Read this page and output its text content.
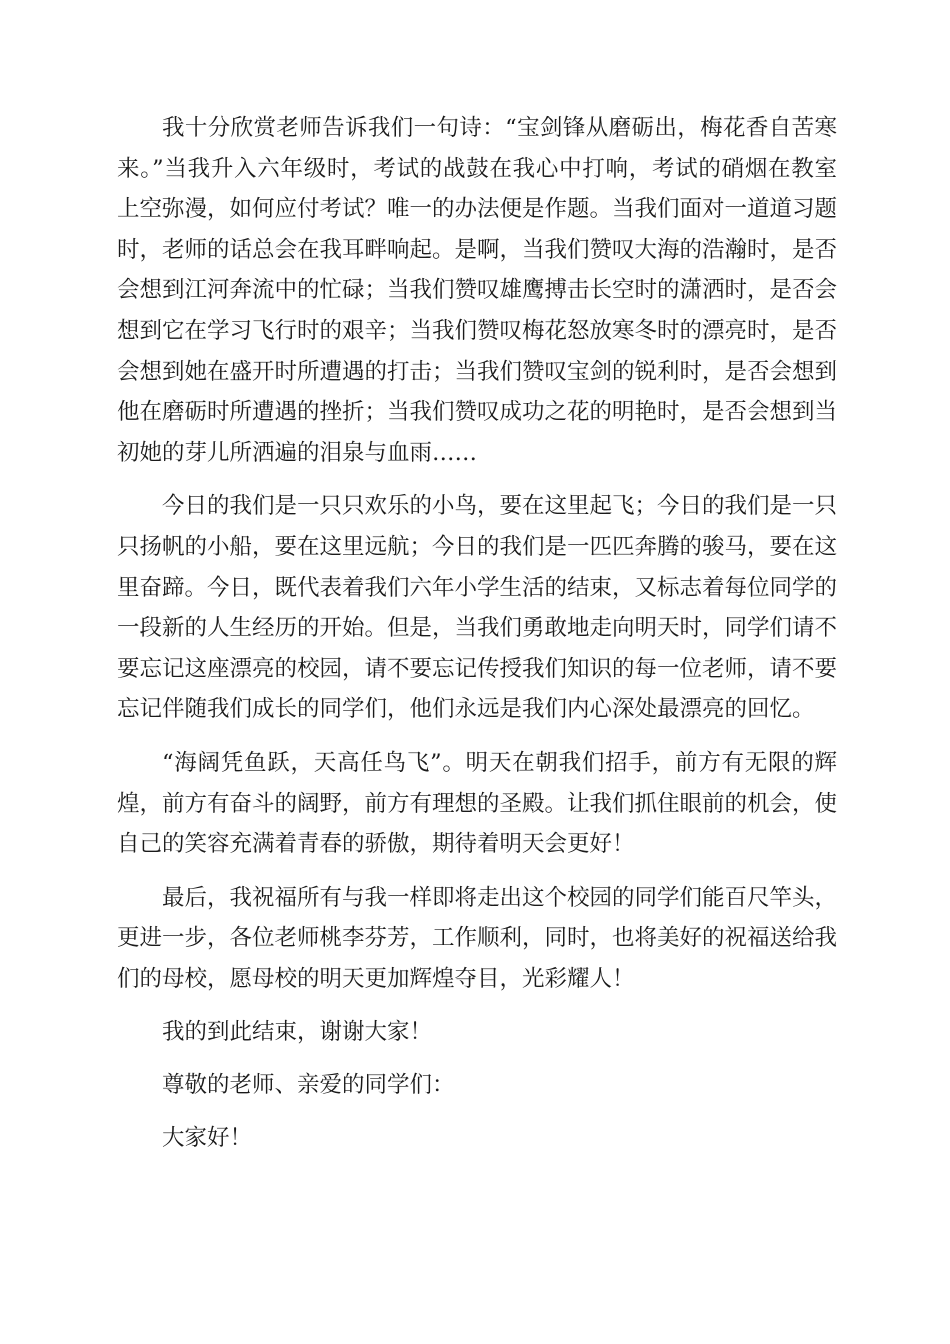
我十分欣赏老师告诉我们一句诗：“宝剑锋从磨砺出，梅花香自苦寒来。”当我升入六年级时，考试的战鼓在我心中打响，考试的硝烟在教室上空弥漫，如何应付考试？唯一的办法便是作题。当我们面对一道道习题时，老师的话总会在我耳畔响起。是啊，当我们赞叹大海的浩瀚时，是否会想到江河奔流中的忙碌；当我们赞叹雄鹰搏击长空时的潇洒时，是否会想到它在学习飞行时的艰辛；当我们赞叹梅花怒放寒冬时的漂亮时，是否会想到她在盛开时所遭遇的打击；当我们赞叹宝剑的锐利时，是否会想到他在磨砺时所遭遇的挫折；当我们赞叹成功之花的明艳时，是否会想到当初她的芽儿所洒遍的泪泉与血雨……

今日的我们是一只只欢乐的小鸟，要在这里起飞；今日的我们是一只只扬帆的小船，要在这里远航；今日的我们是一匹匹奔腾的骏马，要在这里奋蹄。今日，既代表着我们六年小学生活的结束，又标志着每位同学的一段新的人生经历的开始。但是，当我们勇敢地走向明天时，同学们请不要忘记这座漂亮的校园，请不要忘记传授我们知识的每一位老师，请不要忘记伴随我们成长的同学们，他们永远是我们内心深处最漂亮的回忆。

“海阔凭鱼跃，天高任鸟飞”。明天在朝我们招手，前方有无限的辉煌，前方有奋斗的阔野，前方有理想的圣殿。让我们抓住眼前的机会，使自己的笑容充满着青春的骄傲，期待着明天会更好！

最后，我祝福所有与我一样即将走出这个校园的同学们能百尺竿头，更进一步，各位老师桃李芬芳，工作顺利，同时，也将美好的祝福送给我们的母校，愿母校的明天更加辉煌夺目，光彩耀人！

我的到此结束，谢谢大家！

尊敬的老师、亲爱的同学们：

大家好！
